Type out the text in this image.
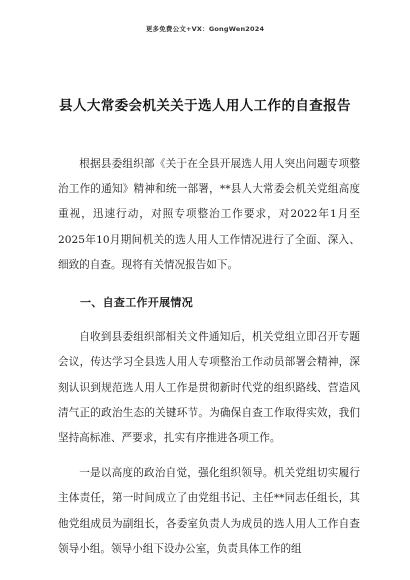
更多免费公文+VX：GongWen2024
县人大常委会机关关于选人用人工作的自查报告

根据县委组织部《关于在全县开展选人用人突出问题专项整治工作的通知》精神和统一部署，**县人大常委会机关党组高度重视，迅速行动，对照专项整治工作要求，对2022年1月至2025年10月期间机关的选人用人工作情况进行了全面、深入、细致的自查。现将有关情况报告如下。

一、自查工作开展情况

自收到县委组织部相关文件通知后，机关党组立即召开专题会议，传达学习全县选人用人专项整治工作动员部署会精神，深刻认识到规范选人用人工作是贯彻新时代党的组织路线、营造风清气正的政治生态的关键环节。为确保自查工作取得实效，我们坚持高标准、严要求，扎实有序推进各项工作。

一是以高度的政治自觉，强化组织领导。机关党组切实履行主体责任，第一时间成立了由党组书记、主任**同志任组长，其他党组成员为副组长，各委室负责人为成员的选人用人工作自查领导小组。领导小组下设办公室，负责具体工作的组
